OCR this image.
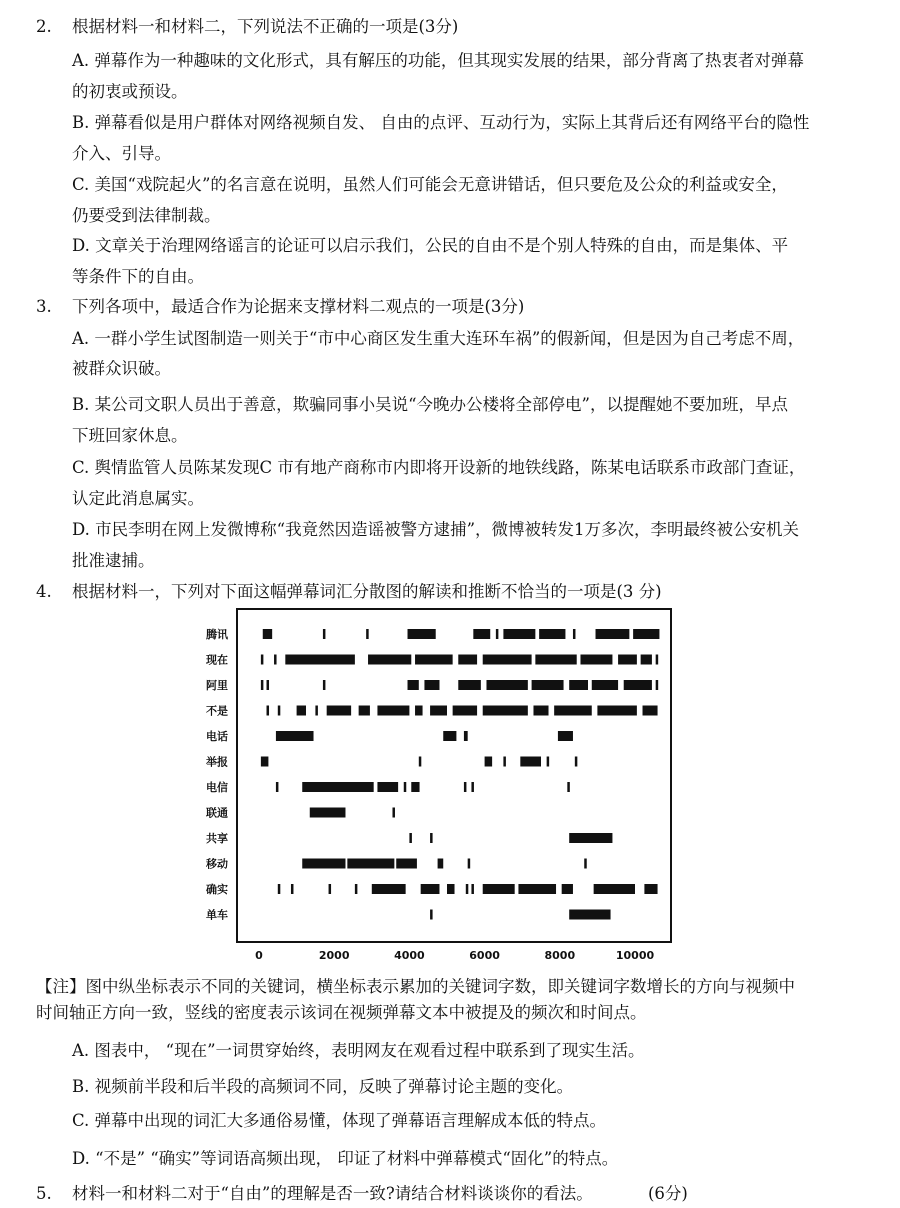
2. 根据材料一和材料二，下列说法不正确的一项是(3分)
A. 弹幕作为一种趣味的文化形式，具有解压的功能，但其现实发展的结果，部分背离了热衷者对弹幕
的初衷或预设。
B. 弹幕看似是用户群体对网络视频自发、 自由的点评、互动行为，实际上其背后还有网络平台的隐性
介入、引导。
C. 美国“戏院起火”的名言意在说明，虽然人们可能会无意讲错话，但只要危及公众的利益或安全，
仍要受到法律制裁。
D. 文章关于治理网络谣言的论证可以启示我们，公民的自由不是个别人特殊的自由，而是集体、平
等条件下的自由。
3. 下列各项中，最适合作为论据来支撑材料二观点的一项是(3分)
A. 一群小学生试图制造一则关于“市中心商区发生重大连环车祸”的假新闻，但是因为自己考虑不周，
被群众识破。
B. 某公司文职人员出于善意，欺骗同事小吴说“今晚办公楼将全部停电”，以提醒她不要加班，早点
下班回家休息。
C. 舆情监管人员陈某发现C 市有地产商称市内即将开设新的地铁线路，陈某电话联系市政部门查证，
认定此消息属实。
D. 市民李明在网上发微博称“我竟然因造谣被警方逮捕”，微博被转发1万多次，李明最终被公安机关
批准逮捕。
4. 根据材料一，下列对下面这幅弹幕词汇分散图的解读和推断不恰当的一项是(3 分)
腾讯
现在
阿里
不是
电话
举报
电信
联通
共享
移动
确实
单车
0	2000	4000	6000	8000	10000
【注】图中纵坐标表示不同的关键词，横坐标表示累加的关键词字数，即关键词字数增长的方向与视频中
时间轴正方向一致，竖线的密度表示该词在视频弹幕文本中被提及的频次和时间点。
A. 图表中， “现在”一词贯穿始终，表明网友在观看过程中联系到了现实生活。
B. 视频前半段和后半段的高频词不同，反映了弹幕讨论主题的变化。
C. 弹幕中出现的词汇大多通俗易懂，体现了弹幕语言理解成本低的特点。
D. “不是” “确实”等词语高频出现， 印证了材料中弹幕模式“固化”的特点。
5. 材料一和材料二对于“自由”的理解是否一致?请结合材料谈谈你的看法。	(6分)
